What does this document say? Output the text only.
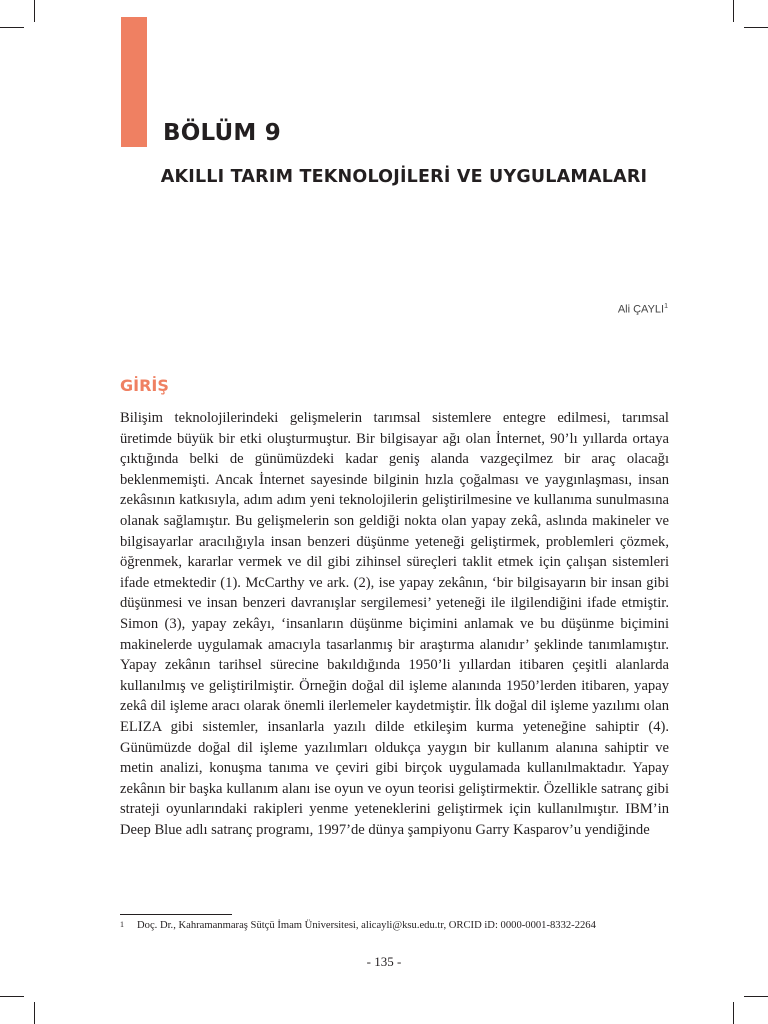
BÖLÜM 9
AKILLI TARIM TEKNOLOJİLERİ VE UYGULAMALARI
Ali ÇAYLI$^1$
GİRİŞ

Bilişim teknolojilerindeki gelişmelerin tarımsal sistemlere entegre edilmesi, tarımsal üretimde büyük bir etki oluşturmuştur. Bir bilgisayar ağı olan İnternet, 90’lı yıllarda ortaya çıktığında belki de günümüzdeki kadar geniş alanda vazgeçilmez bir araç olacağı beklenmemişti. Ancak İnternet sayesinde bilginin hızla çoğalması ve yaygınlaşması, insan zekâsının katkısıyla, adım adım yeni teknolojilerin geliştirilmesine ve kullanıma sunulmasına olanak sağlamıştır. Bu gelişmelerin son geldiği nokta olan yapay zekâ, aslında makineler ve bilgisayarlar aracılığıyla insan benzeri düşünme yeteneği geliştirmek, problemleri çözmek, öğrenmek, kararlar vermek ve dil gibi zihinsel süreçleri taklit etmek için çalışan sistemleri ifade etmektedir (1). McCarthy ve ark. (2), ise yapay zekânın, ‘bir bilgisayarın bir insan gibi düşünmesi ve insan benzeri davranışlar sergilemesi’ yeteneği ile ilgilendiğini ifade etmiştir. Simon (3), yapay zekâyı, ‘insanların düşünme biçimini anlamak ve bu düşünme biçimini makinelerde uygulamak amacıyla tasarlanmış bir araştırma alanıdır’ şeklinde tanımlamıştır. Yapay zekânın tarihsel sürecine bakıldığında 1950’li yıllardan itibaren çeşitli alanlarda kullanılmış ve geliştirilmiştir. Örneğin doğal dil işleme alanında 1950’lerden itibaren, yapay zekâ dil işleme aracı olarak önemli ilerlemeler kaydetmiştir. İlk doğal dil işleme yazılımı olan ELIZA gibi sistemler, insanlarla yazılı dilde etkileşim kurma yeteneğine sahiptir (4). Günümüzde doğal dil işleme yazılımları oldukça yaygın bir kullanım alanına sahiptir ve metin analizi, konuşma tanıma ve çeviri gibi birçok uygulamada kullanılmaktadır. Yapay zekânın bir başka kullanım alanı ise oyun ve oyun teorisi geliştirmektir. Özellikle satranç gibi strateji oyunlarındaki rakipleri yenme yeteneklerini geliştirmek için kullanılmıştır. IBM’in Deep Blue adlı satranç programı, 1997’de dünya şampiyonu Garry Kasparov’u yendiğinde

1 Doç. Dr., Kahramanmaraş Sütçü İmam Üniversitesi, alicayli@ksu.edu.tr, ORCID iD: 0000-0001-8332-2264
- 135 -
